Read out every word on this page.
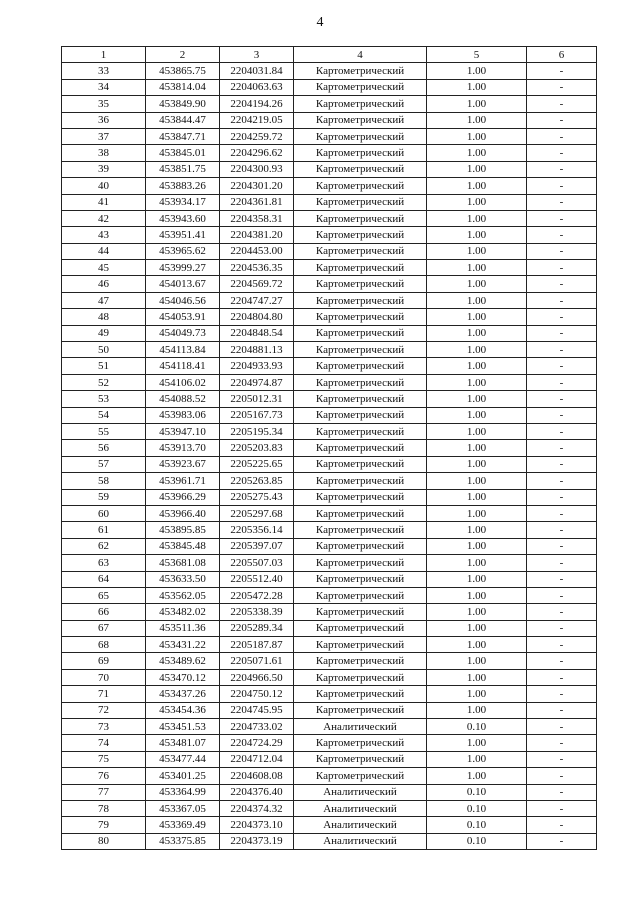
4
1	2	3	4	5	6
33	453865.75	2204031.84	Картометрический	1.00	-
34	453814.04	2204063.63	Картометрический	1.00	-
35	453849.90	2204194.26	Картометрический	1.00	-
36	453844.47	2204219.05	Картометрический	1.00	-
37	453847.71	2204259.72	Картометрический	1.00	-
38	453845.01	2204296.62	Картометрический	1.00	-
39	453851.75	2204300.93	Картометрический	1.00	-
40	453883.26	2204301.20	Картометрический	1.00	-
41	453934.17	2204361.81	Картометрический	1.00	-
42	453943.60	2204358.31	Картометрический	1.00	-
43	453951.41	2204381.20	Картометрический	1.00	-
44	453965.62	2204453.00	Картометрический	1.00	-
45	453999.27	2204536.35	Картометрический	1.00	-
46	454013.67	2204569.72	Картометрический	1.00	-
47	454046.56	2204747.27	Картометрический	1.00	-
48	454053.91	2204804.80	Картометрический	1.00	-
49	454049.73	2204848.54	Картометрический	1.00	-
50	454113.84	2204881.13	Картометрический	1.00	-
51	454118.41	2204933.93	Картометрический	1.00	-
52	454106.02	2204974.87	Картометрический	1.00	-
53	454088.52	2205012.31	Картометрический	1.00	-
54	453983.06	2205167.73	Картометрический	1.00	-
55	453947.10	2205195.34	Картометрический	1.00	-
56	453913.70	2205203.83	Картометрический	1.00	-
57	453923.67	2205225.65	Картометрический	1.00	-
58	453961.71	2205263.85	Картометрический	1.00	-
59	453966.29	2205275.43	Картометрический	1.00	-
60	453966.40	2205297.68	Картометрический	1.00	-
61	453895.85	2205356.14	Картометрический	1.00	-
62	453845.48	2205397.07	Картометрический	1.00	-
63	453681.08	2205507.03	Картометрический	1.00	-
64	453633.50	2205512.40	Картометрический	1.00	-
65	453562.05	2205472.28	Картометрический	1.00	-
66	453482.02	2205338.39	Картометрический	1.00	-
67	453511.36	2205289.34	Картометрический	1.00	-
68	453431.22	2205187.87	Картометрический	1.00	-
69	453489.62	2205071.61	Картометрический	1.00	-
70	453470.12	2204966.50	Картометрический	1.00	-
71	453437.26	2204750.12	Картометрический	1.00	-
72	453454.36	2204745.95	Картометрический	1.00	-
73	453451.53	2204733.02	Аналитический	0.10	-
74	453481.07	2204724.29	Картометрический	1.00	-
75	453477.44	2204712.04	Картометрический	1.00	-
76	453401.25	2204608.08	Картометрический	1.00	-
77	453364.99	2204376.40	Аналитический	0.10	-
78	453367.05	2204374.32	Аналитический	0.10	-
79	453369.49	2204373.10	Аналитический	0.10	-
80	453375.85	2204373.19	Аналитический	0.10	-
